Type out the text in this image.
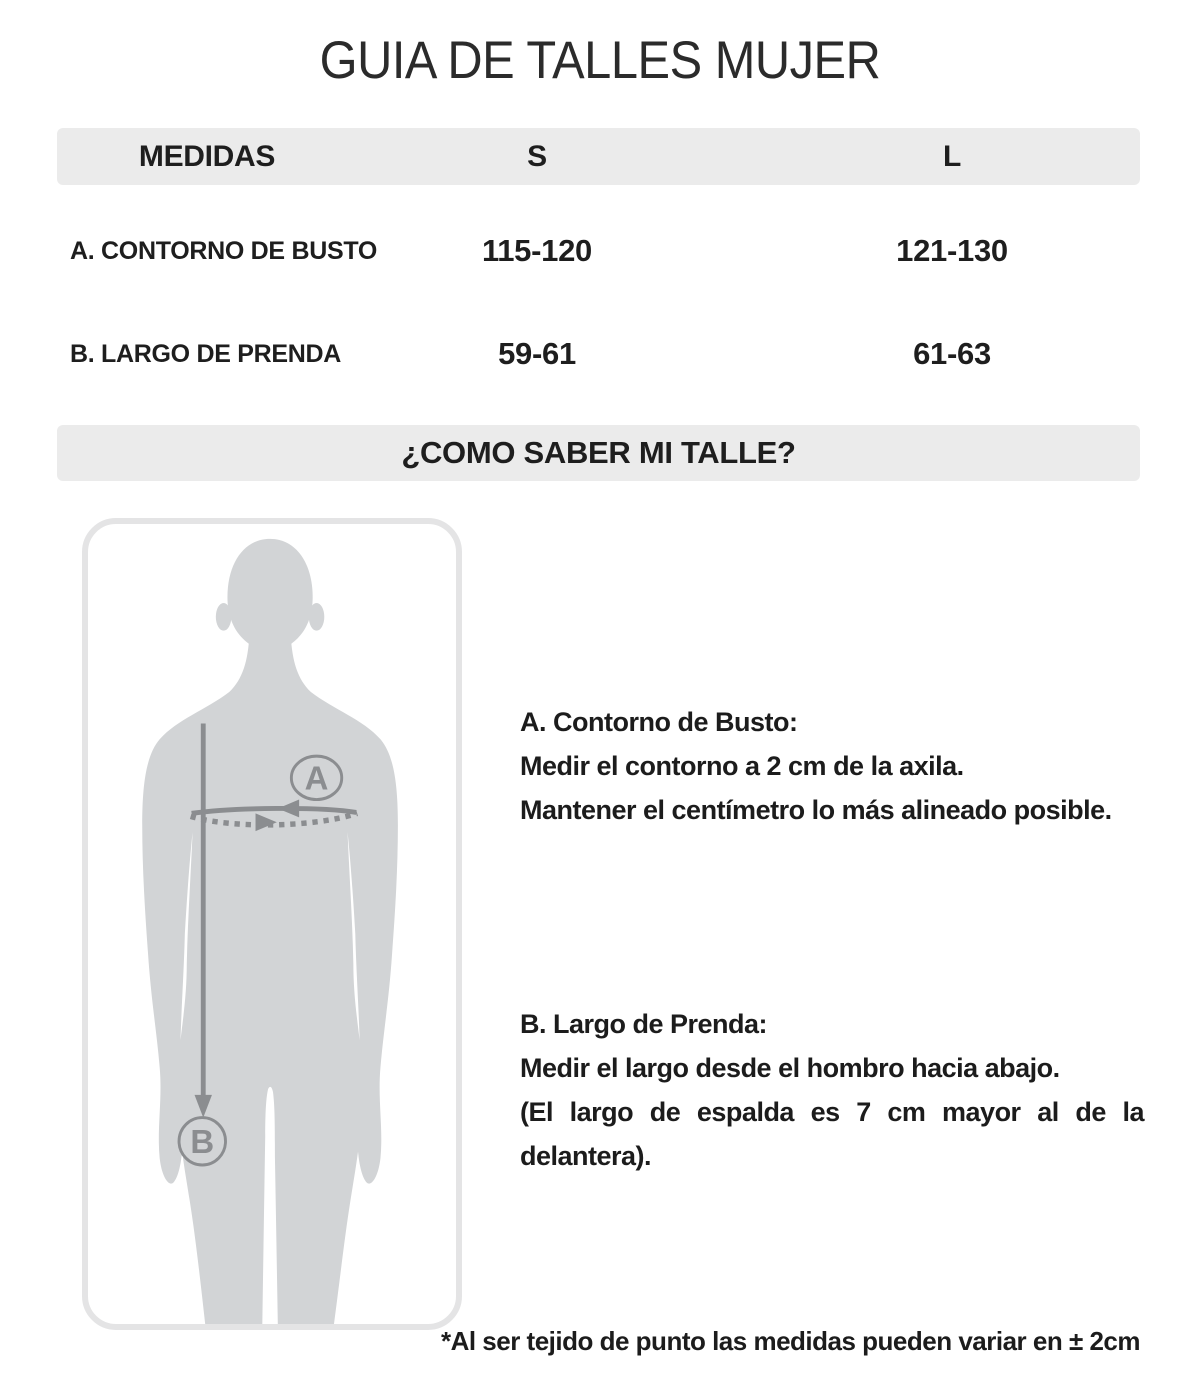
GUIA DE TALLES MUJER
MEDIDAS	S	L
A. CONTORNO DE BUSTO	115-120	121-130
B. LARGO DE PRENDA	59-61	61-63
¿COMO SABER MI TALLE?
A
B

A. Contorno de Busto:

Medir el contorno a 2 cm de la axila.

Mantener el centímetro lo más alineado posible.

B. Largo de Prenda:

Medir el largo desde el hombro hacia abajo.

(El largo de espalda es 7 cm mayor al de la delantera).

*Al ser tejido de punto las medidas pueden variar en ± 2cm
